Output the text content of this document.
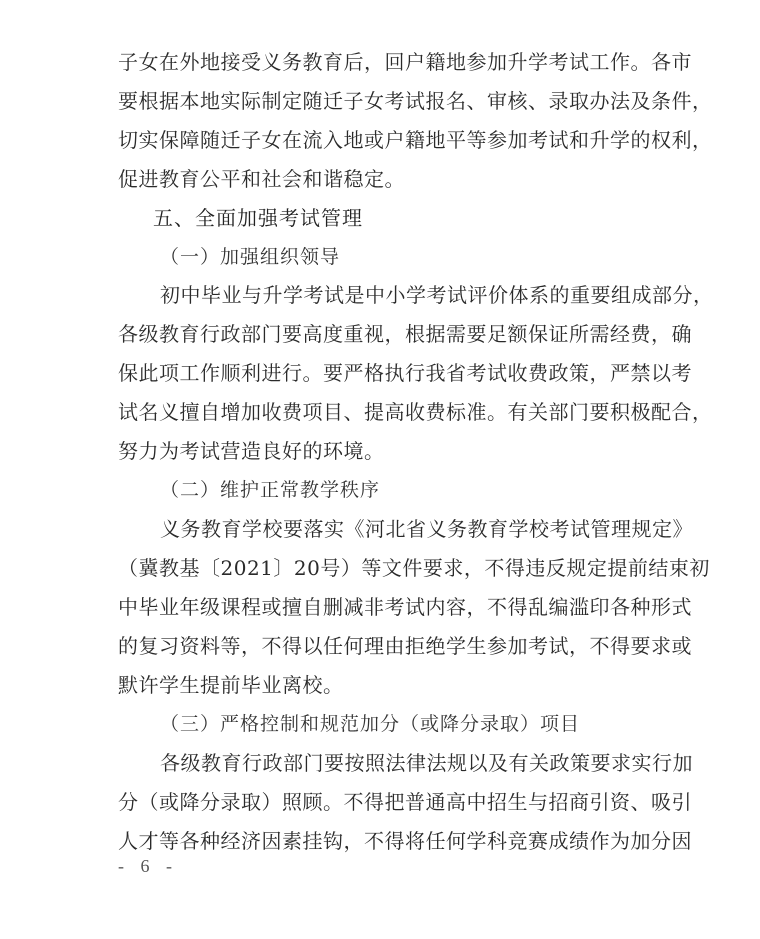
子女在外地接受义务教育后，回户籍地参加升学考试工作。各市
要根据本地实际制定随迁子女考试报名、审核、录取办法及条件，
切实保障随迁子女在流入地或户籍地平等参加考试和升学的权利，
促进教育公平和社会和谐稳定。
五、全面加强考试管理
（一）加强组织领导
初中毕业与升学考试是中小学考试评价体系的重要组成部分，
各级教育行政部门要高度重视，根据需要足额保证所需经费，确
保此项工作顺利进行。要严格执行我省考试收费政策，严禁以考
试名义擅自增加收费项目、提高收费标准。有关部门要积极配合，
努力为考试营造良好的环境。
（二）维护正常教学秩序
义务教育学校要落实《河北省义务教育学校考试管理规定》
（冀教基〔2021〕20号）等文件要求，不得违反规定提前结束初
中毕业年级课程或擅自删减非考试内容，不得乱编滥印各种形式
的复习资料等，不得以任何理由拒绝学生参加考试，不得要求或
默许学生提前毕业离校。
（三）严格控制和规范加分（或降分录取）项目
各级教育行政部门要按照法律法规以及有关政策要求实行加
分（或降分录取）照顾。不得把普通高中招生与招商引资、吸引
人才等各种经济因素挂钩，不得将任何学科竞赛成绩作为加分因
- 6 -
